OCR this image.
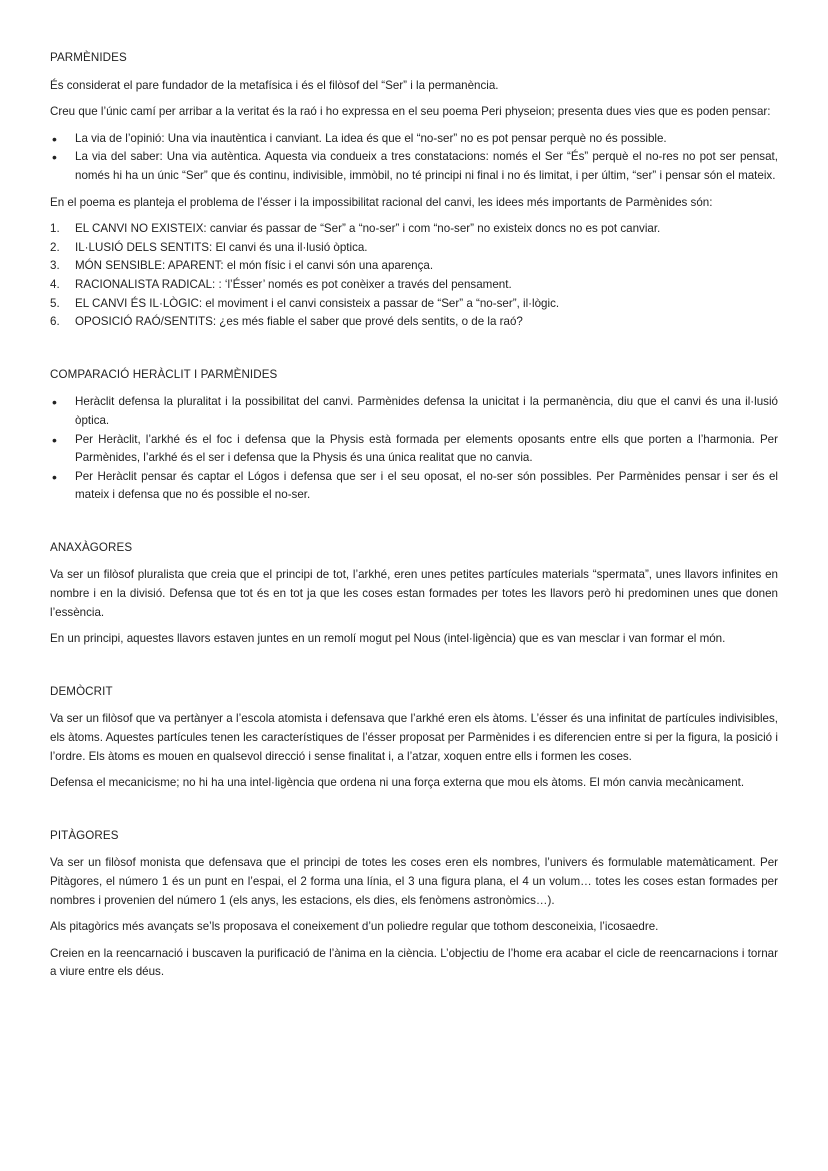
PARMÈNIDES

És considerat el pare fundador de la metafísica i és el filòsof del “Ser” i la permanència.

Creu que l’únic camí per arribar a la veritat és la raó i ho expressa en el seu poema Peri physeion; presenta dues vies que es poden pensar:

•	La via de l’opinió: Una via inautèntica i canviant. La idea és que el “no-ser” no es pot pensar perquè no és possible.
•	La via del saber: Una via autèntica. Aquesta via condueix a tres constatacions: només el Ser “És” perquè el no-res no pot ser pensat, només hi ha un únic “Ser” que és continu, indivisible, immòbil, no té principi ni final i no és limitat, i per últim, “ser” i pensar són el mateix.

En el poema es planteja el problema de l’ésser i la impossibilitat racional del canvi, les idees més importants de Parmènides són:

1.	EL CANVI NO EXISTEIX: canviar és passar de “Ser” a “no-ser” i com “no-ser” no existeix doncs no es pot canviar.
2.	IL·LUSIÓ DELS SENTITS: El canvi és una il·lusió òptica.
3.	MÓN SENSIBLE: APARENT: el món físic i el canvi són una aparença.
4.	RACIONALISTA RADICAL: : ‘l’Ésser’ només es pot conèixer a través del pensament.
5.	EL CANVI ÉS IL·LÒGIC: el moviment i el canvi consisteix a passar de “Ser” a “no-ser”, il·lògic.
6.	OPOSICIÓ RAÓ/SENTITS: ¿es més fiable el saber que prové dels sentits, o de la raó?
COMPARACIÓ HERÀCLIT I PARMÈNIDES
•	Heràclit defensa la pluralitat i la possibilitat del canvi. Parmènides defensa la unicitat i la permanència, diu que el canvi és una il·lusió òptica.
•	Per Heràclit, l’arkhé és el foc i defensa que la Physis està formada per elements oposants entre ells que porten a l’harmonia. Per Parmènides, l’arkhé és el ser i defensa que la Physis és una única realitat que no canvia.
•	Per Heràclit pensar és captar el Lógos i defensa que ser i el seu oposat, el no-ser són possibles. Per Parmènides pensar i ser és el mateix i defensa que no és possible el no-ser.
ANAXÀGORES

Va ser un filòsof pluralista que creia que el principi de tot, l’arkhé, eren unes petites partícules materials “spermata”, unes llavors infinites en nombre i en la divisió. Defensa que tot és en tot ja que les coses estan formades per totes les llavors però hi predominen unes que donen l’essència.

En un principi, aquestes llavors estaven juntes en un remolí mogut pel Nous (intel·ligència) que es van mesclar i van formar el món.

DEMÒCRIT

Va ser un filòsof que va pertànyer a l’escola atomista i defensava que l’arkhé eren els àtoms. L’ésser és una infinitat de partícules indivisibles, els àtoms. Aquestes partícules tenen les característiques de l’ésser proposat per Parmènides i es diferencien entre si per la figura, la posició i l’ordre. Els àtoms es mouen en qualsevol direcció i sense finalitat i, a l’atzar, xoquen entre ells i formen les coses.

Defensa el mecanicisme; no hi ha una intel·ligència que ordena ni una força externa que mou els àtoms. El món canvia mecànicament.

PITÀGORES

Va ser un filòsof monista que defensava que el principi de totes les coses eren els nombres, l’univers és formulable matemàticament. Per Pitàgores, el número 1 és un punt en l’espai, el 2 forma una línia, el 3 una figura plana, el 4 un volum… totes les coses estan formades per nombres i provenien del número 1 (els anys, les estacions, els dies, els fenòmens astronòmics…).

Als pitagòrics més avançats se’ls proposava el coneixement d’un poliedre regular que tothom desconeixia, l’icosaedre.

Creien en la reencarnació i buscaven la purificació de l’ànima en la ciència. L’objectiu de l’home era acabar el cicle de reencarnacions i tornar a viure entre els déus.
